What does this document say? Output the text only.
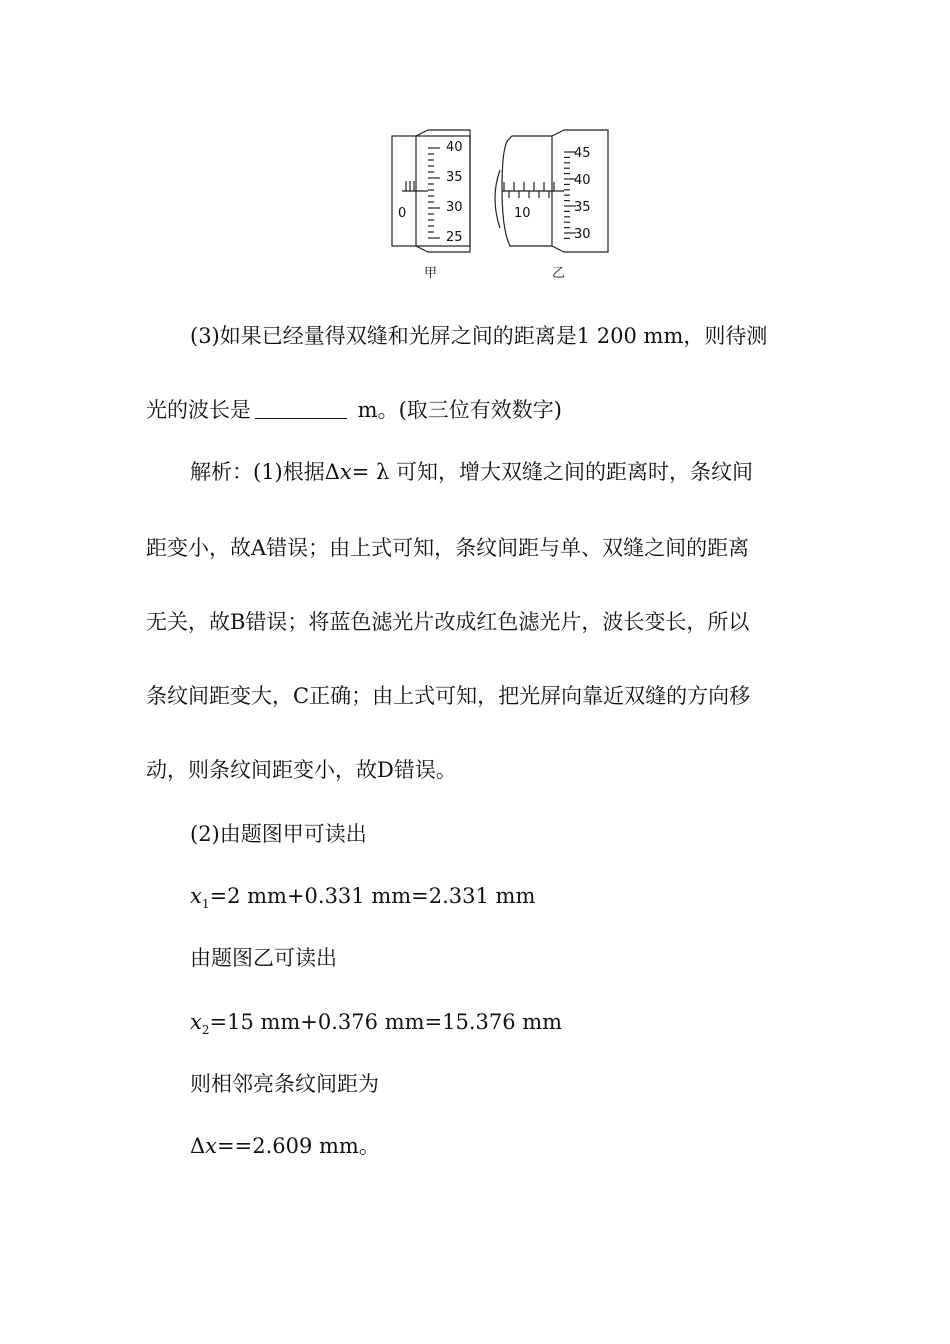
0
40
35
30
25
甲
10
45
40
35
30
乙
(3)如果已经量得双缝和光屏之间的距离是1 200 mm，则待测
光的波长是	m。(取三位有效数字)
解析：(1)根据Δx= λ 可知，增大双缝之间的距离时，条纹间
距变小，故A错误；由上式可知，条纹间距与单、双缝之间的距离
无关，故B错误；将蓝色滤光片改成红色滤光片，波长变长，所以
条纹间距变大，C正确；由上式可知，把光屏向靠近双缝的方向移
动，则条纹间距变小，故D错误。
(2)由题图甲可读出
$x_1=2$ mm+0.331 mm=2.331 mm
由题图乙可读出
$x_2=15$ mm+0.376 mm=15.376 mm
则相邻亮条纹间距为
Δx==2.609 mm。
